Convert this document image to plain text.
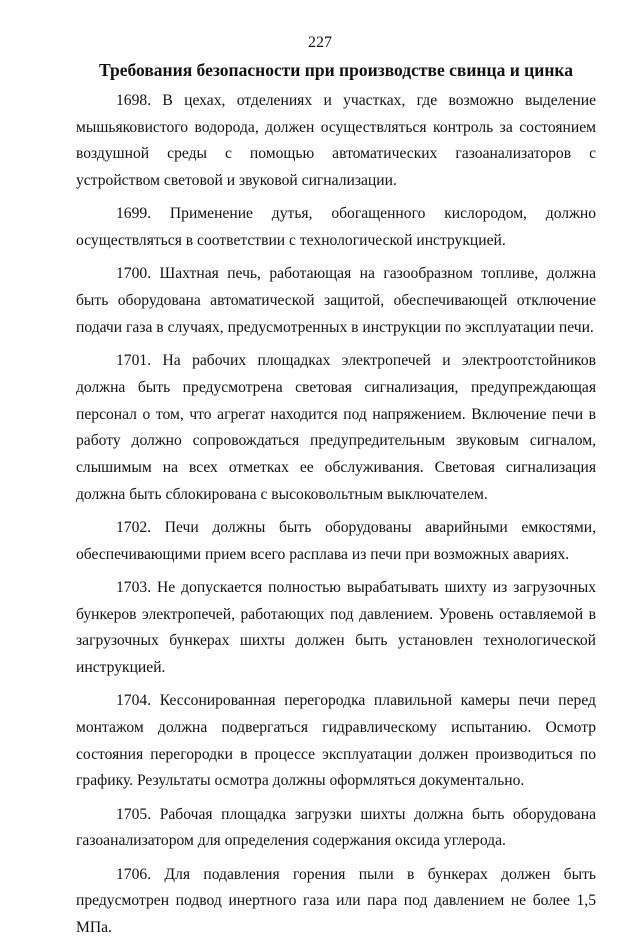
227
Требования безопасности при производстве свинца и цинка

1698. В цехах, отделениях и участках, где возможно выделение мышьяковистого водорода, должен осуществляться контроль за состоянием воздушной среды с помощью автоматических газоанализаторов с устройством световой и звуковой сигнализации.

1699. Применение дутья, обогащенного кислородом, должно осуществляться в соответствии с технологической инструкцией.

1700. Шахтная печь, работающая на газообразном топливе, должна быть оборудована автоматической защитой, обеспечивающей отключение подачи газа в случаях, предусмотренных в инструкции по эксплуатации печи.

1701. На рабочих площадках электропечей и электроотстойников должна быть предусмотрена световая сигнализация, предупреждающая персонал о том, что агрегат находится под напряжением. Включение печи в работу должно сопровождаться предупредительным звуковым сигналом, слышимым на всех отметках ее обслуживания. Световая сигнализация должна быть сблокирована с высоковольтным выключателем.

1702. Печи должны быть оборудованы аварийными емкостями, обеспечивающими прием всего расплава из печи при возможных авариях.

1703. Не допускается полностью вырабатывать шихту из загрузочных бункеров электропечей, работающих под давлением. Уровень оставляемой в загрузочных бункерах шихты должен быть установлен технологической инструкцией.

1704. Кессонированная перегородка плавильной камеры печи перед монтажом должна подвергаться гидравлическому испытанию. Осмотр состояния перегородки в процессе эксплуатации должен производиться по графику. Результаты осмотра должны оформляться документально.

1705. Рабочая площадка загрузки шихты должна быть оборудована газоанализатором для определения содержания оксида углерода.

1706. Для подавления горения пыли в бункерах должен быть предусмотрен подвод инертного газа или пара под давлением не более 1,5 МПа.
